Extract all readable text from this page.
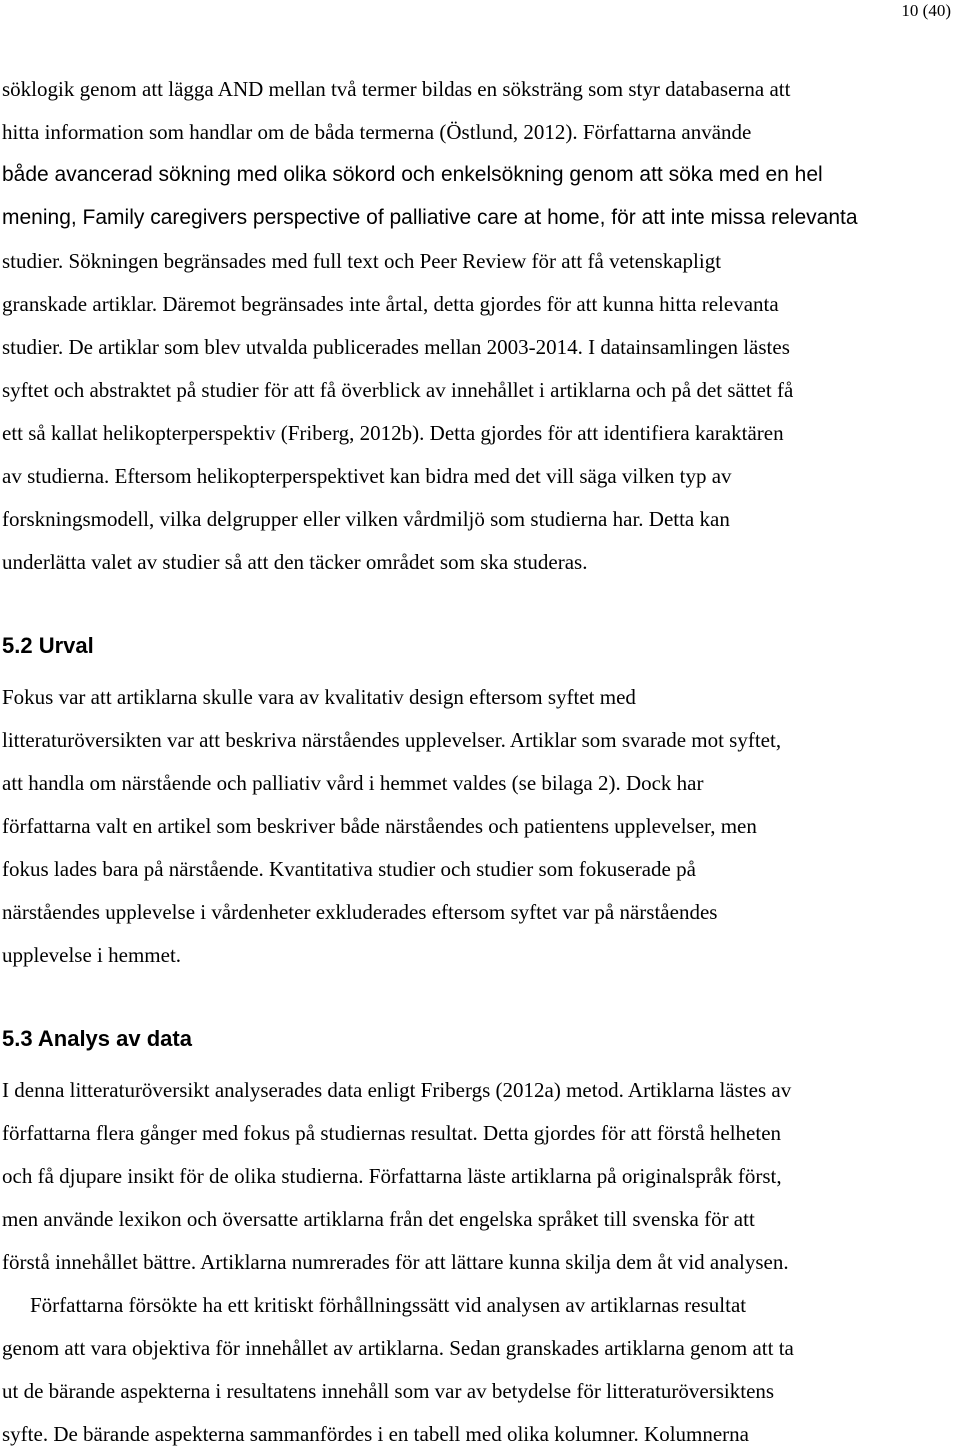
10 (40)
söklogik genom att lägga AND mellan två termer bildas en söksträng som styr databaserna att
hitta information som handlar om de båda termerna (Östlund, 2012). Författarna använde
både avancerad sökning med olika sökord och enkelsökning genom att söka med en hel
mening, Family caregivers perspective of palliative care at home, för att inte missa relevanta
studier. Sökningen begränsades med full text och Peer Review för att få vetenskapligt
granskade artiklar. Däremot begränsades inte årtal, detta gjordes för att kunna hitta relevanta
studier. De artiklar som blev utvalda publicerades mellan 2003-2014. I datainsamlingen lästes
syftet och abstraktet på studier för att få överblick av innehållet i artiklarna och på det sättet få
ett så kallat helikopterperspektiv (Friberg, 2012b). Detta gjordes för att identifiera karaktären
av studierna. Eftersom helikopterperspektivet kan bidra med det vill säga vilken typ av
forskningsmodell, vilka delgrupper eller vilken vårdmiljö som studierna har. Detta kan
underlätta valet av studier så att den täcker området som ska studeras.
5.2 Urval
Fokus var att artiklarna skulle vara av kvalitativ design eftersom syftet med
litteraturöversikten var att beskriva närståendes upplevelser. Artiklar som svarade mot syftet,
att handla om närstående och palliativ vård i hemmet valdes (se bilaga 2). Dock har
författarna valt en artikel som beskriver både närståendes och patientens upplevelser, men
fokus lades bara på närstående. Kvantitativa studier och studier som fokuserade på
närståendes upplevelse i vårdenheter exkluderades eftersom syftet var på närståendes
upplevelse i hemmet.
5.3 Analys av data
I denna litteraturöversikt analyserades data enligt Fribergs (2012a) metod. Artiklarna lästes av
författarna flera gånger med fokus på studiernas resultat. Detta gjordes för att förstå helheten
och få djupare insikt för de olika studierna. Författarna läste artiklarna på originalspråk först,
men använde lexikon och översatte artiklarna från det engelska språket till svenska för att
förstå innehållet bättre. Artiklarna numrerades för att lättare kunna skilja dem åt vid analysen.
Författarna försökte ha ett kritiskt förhållningssätt vid analysen av artiklarnas resultat
genom att vara objektiva för innehållet av artiklarna. Sedan granskades artiklarna genom att ta
ut de bärande aspekterna i resultatens innehåll som var av betydelse för litteraturöversiktens
syfte. De bärande aspekterna sammanfördes i en tabell med olika kolumner. Kolumnerna
